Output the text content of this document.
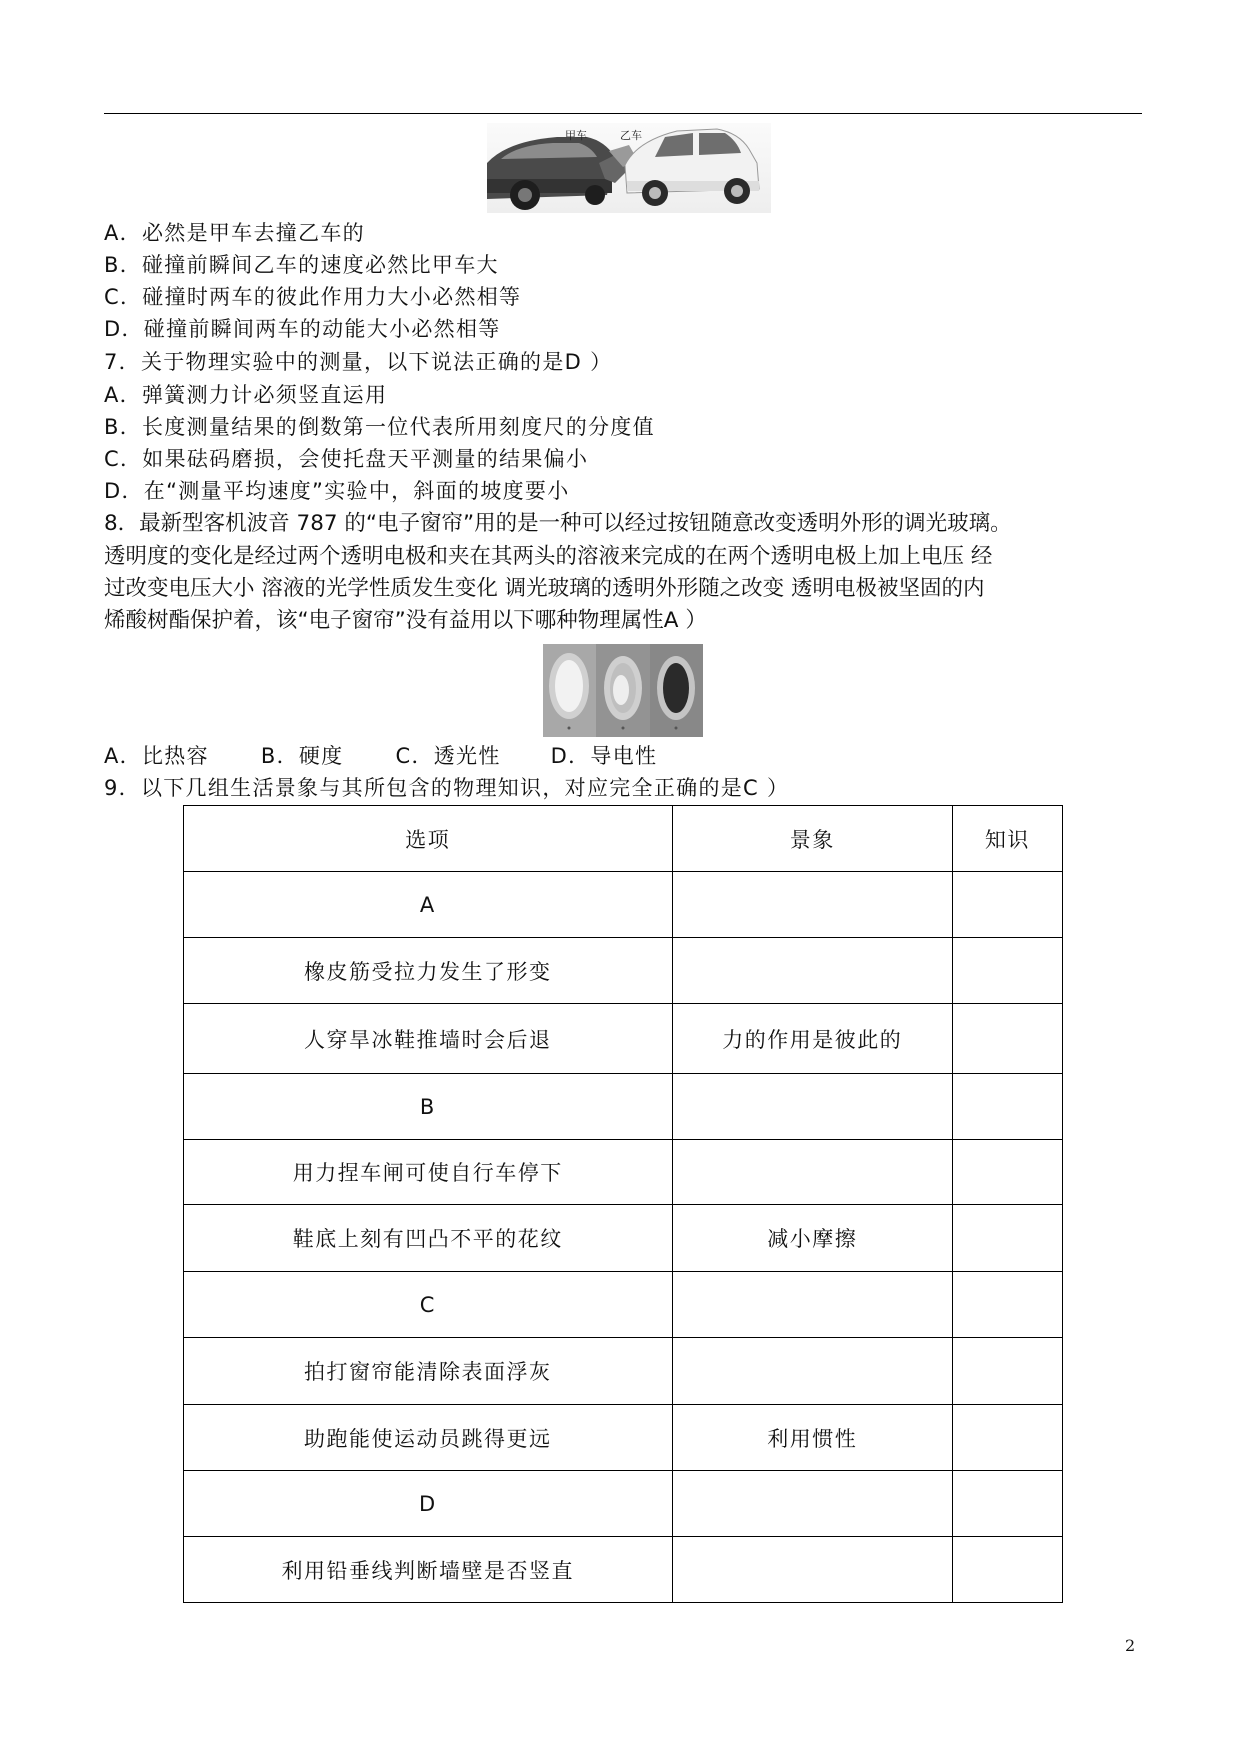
甲车	乙车
A．必然是甲车去撞乙车的
B．碰撞前瞬间乙车的速度必然比甲车大
C．碰撞时两车的彼此作用力大小必然相等
D．碰撞前瞬间两车的动能大小必然相等
7．关于物理实验中的测量，以下说法正确的是D ）
A．弹簧测力计必须竖直运用
B．长度测量结果的倒数第一位代表所用刻度尺的分度值
C．如果砝码磨损，会使托盘天平测量的结果偏小
D．在“测量平均速度”实验中，斜面的坡度要小
8．最新型客机波音 787 的“电子窗帘”用的是一种可以经过按钮随意改变透明外形的调光玻璃。
透明度的变化是经过两个透明电极和夹在其两头的溶液来完成的在两个透明电极上加上电压 经
过改变电压大小 溶液的光学性质发生变化 调光玻璃的透明外形随之改变 透明电极被坚固的内
烯酸树酯保护着，该“电子窗帘”没有益用以下哪种物理属性A ）
A．比热容 B．硬度 C．透光性 D．导电性
9．以下几组生活景象与其所包含的物理知识，对应完全正确的是C ）
选项	景象	知识
A		
橡皮筋受拉力发生了形变		
人穿旱冰鞋推墙时会后退	力的作用是彼此的	
B		
用力捏车闸可使自行车停下		
鞋底上刻有凹凸不平的花纹	减小摩擦	
C		
拍打窗帘能清除表面浮灰		
助跑能使运动员跳得更远	利用惯性	
D		
利用铅垂线判断墙壁是否竖直		
2
